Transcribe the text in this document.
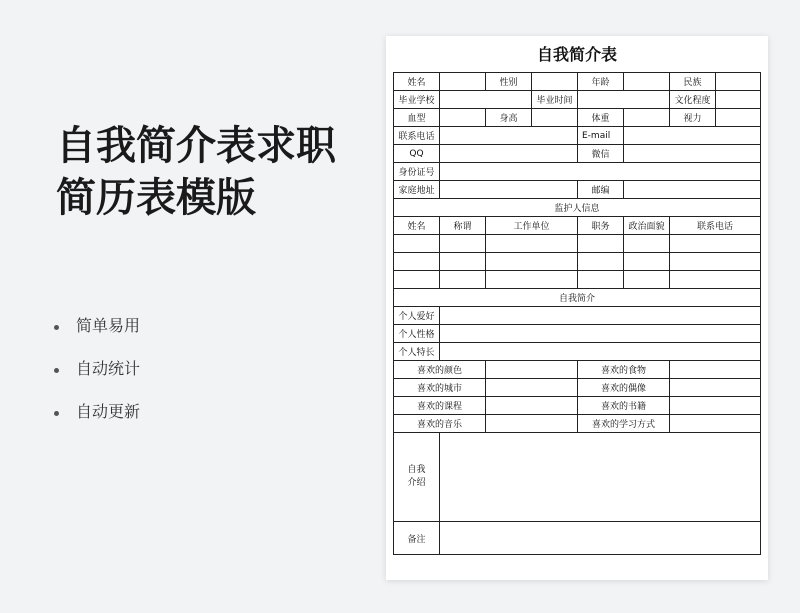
自我简介表求职
简历表模版
简单易用
自动统计
自动更新
自我简介表
姓名		性别		年龄		民族	
毕业学校			毕业时间			文化程度	
血型		身高		体重		视力	
联系电话				E-mail			
QQ				微信			
身份证号							
家庭地址				邮编			
监护人信息							
姓名	称谓	工作单位		职务	政治面貌	联系电话	

自我简介							
个人爱好							
个人性格							
个人特长							
喜欢的颜色				喜欢的食物			
喜欢的城市				喜欢的偶像			
喜欢的课程				喜欢的书籍			
喜欢的音乐				喜欢的学习方式			
自我介绍							
备注							
